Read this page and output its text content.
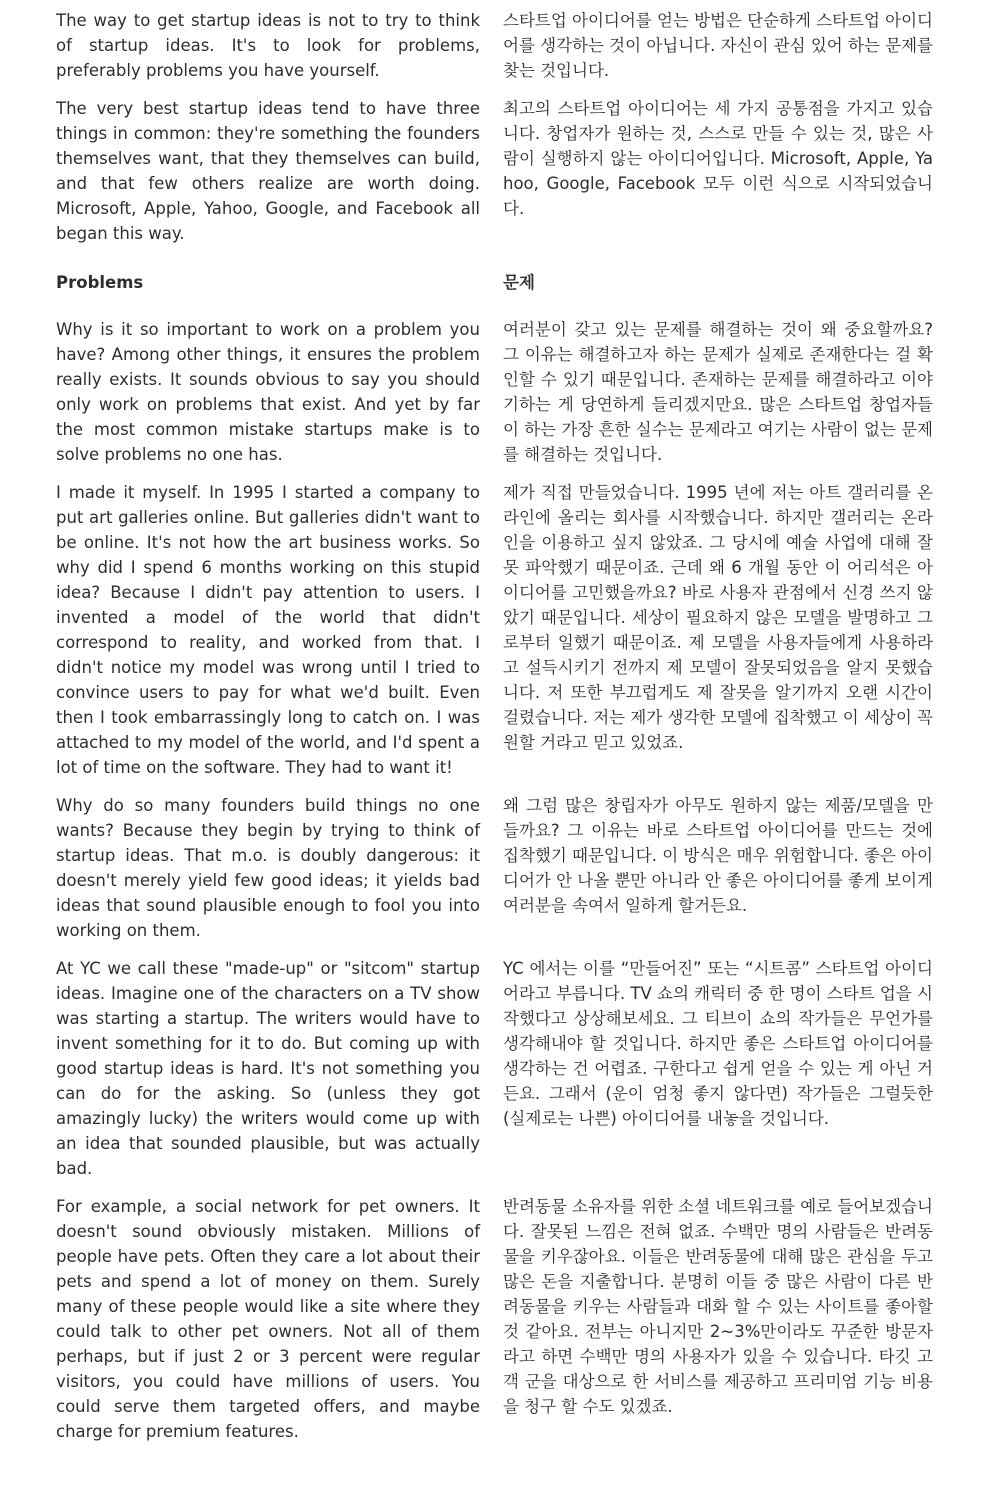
The way to get startup ideas is not to try to think of startup ideas. It's to look for problems, preferably problems you have yourself.
스타트업 아이디어를 얻는 방법은 단순하게 스타트업 아이디어를 생각하는 것이 아닙니다. 자신이 관심 있어 하는 문제를 찾는 것입니다.
The very best startup ideas tend to have three things in common: they're something the founders themselves want, that they themselves can build, and that few others realize are worth doing. Microsoft, Apple, Yahoo, Google, and Facebook all began this way.
최고의 스타트업 아이디어는 세 가지 공통점을 가지고 있습니다. 창업자가 원하는 것, 스스로 만들 수 있는 것, 많은 사람이 실행하지 않는 아이디어입니다. Microsoft, Apple, Yahoo, Google, Facebook 모두 이런 식으로 시작되었습니다.
Problems	문제
Why is it so important to work on a problem you have? Among other things, it ensures the problem really exists. It sounds obvious to say you should only work on problems that exist. And yet by far the most common mistake startups make is to solve problems no one has.
여러분이 갖고 있는 문제를 해결하는 것이 왜 중요할까요? 그 이유는 해결하고자 하는 문제가 실제로 존재한다는 걸 확인할 수 있기 때문입니다. 존재하는 문제를 해결하라고 이야기하는 게 당연하게 들리겠지만요. 많은 스타트업 창업자들이 하는 가장 흔한 실수는 문제라고 여기는 사람이 없는 문제를 해결하는 것입니다.
I made it myself. In 1995 I started a company to put art galleries online. But galleries didn't want to be online. It's not how the art business works. So why did I spend 6 months working on this stupid idea? Because I didn't pay attention to users. I invented a model of the world that didn't correspond to reality, and worked from that. I didn't notice my model was wrong until I tried to convince users to pay for what we'd built. Even then I took embarrassingly long to catch on. I was attached to my model of the world, and I'd spent a lot of time on the software. They had to want it!
제가 직접 만들었습니다. 1995 년에 저는 아트 갤러리를 온라인에 올리는 회사를 시작했습니다. 하지만 갤러리는 온라인을 이용하고 싶지 않았죠. 그 당시에 예술 사업에 대해 잘못 파악했기 때문이죠. 근데 왜 6 개월 동안 이 어리석은 아이디어를 고민했을까요? 바로 사용자 관점에서 신경 쓰지 않았기 때문입니다. 세상이 필요하지 않은 모델을 발명하고 그로부터 일했기 때문이죠. 제 모델을 사용자들에게 사용하라고 설득시키기 전까지 제 모델이 잘못되었음을 알지 못했습니다. 저 또한 부끄럽게도 제 잘못을 알기까지 오랜 시간이 걸렸습니다. 저는 제가 생각한 모델에 집착했고 이 세상이 꼭 원할 거라고 믿고 있었죠.
Why do so many founders build things no one wants? Because they begin by trying to think of startup ideas. That m.o. is doubly dangerous: it doesn't merely yield few good ideas; it yields bad ideas that sound plausible enough to fool you into working on them.
왜 그럼 많은 창립자가 아무도 원하지 않는 제품/모델을 만들까요? 그 이유는 바로 스타트업 아이디어를 만드는 것에 집착했기 때문입니다. 이 방식은 매우 위험합니다. 좋은 아이디어가 안 나올 뿐만 아니라 안 좋은 아이디어를 좋게 보이게 여러분을 속여서 일하게 할거든요.
At YC we call these "made-up" or "sitcom" startup ideas. Imagine one of the characters on a TV show was starting a startup. The writers would have to invent something for it to do. But coming up with good startup ideas is hard. It's not something you can do for the asking. So (unless they got amazingly lucky) the writers would come up with an idea that sounded plausible, but was actually bad.
YC 에서는 이를 “만들어진” 또는 “시트콤” 스타트업 아이디어라고 부릅니다. TV 쇼의 캐릭터 중 한 명이 스타트 업을 시작했다고 상상해보세요. 그 티브이 쇼의 작가들은 무언가를 생각해내야 할 것입니다. 하지만 좋은 스타트업 아이디어를 생각하는 건 어렵죠. 구한다고 쉽게 얻을 수 있는 게 아닌 거든요. 그래서 (운이 엄청 좋지 않다면) 작가들은 그럴듯한 (실제로는 나쁜) 아이디어를 내놓을 것입니다.
For example, a social network for pet owners. It doesn't sound obviously mistaken. Millions of people have pets. Often they care a lot about their pets and spend a lot of money on them. Surely many of these people would like a site where they could talk to other pet owners. Not all of them perhaps, but if just 2 or 3 percent were regular visitors, you could have millions of users. You could serve them targeted offers, and maybe charge for premium features.
반려동물 소유자를 위한 소셜 네트워크를 예로 들어보겠습니다. 잘못된 느낌은 전혀 없죠. 수백만 명의 사람들은 반려동물을 키우잖아요. 이들은 반려동물에 대해 많은 관심을 두고 많은 돈을 지출합니다. 분명히 이들 중 많은 사람이 다른 반려동물을 키우는 사람들과 대화 할 수 있는 사이트를 좋아할 것 같아요. 전부는 아니지만 2~3%만이라도 꾸준한 방문자라고 하면 수백만 명의 사용자가 있을 수 있습니다. 타깃 고객 군을 대상으로 한 서비스를 제공하고 프리미엄 기능 비용을 청구 할 수도 있겠죠.
